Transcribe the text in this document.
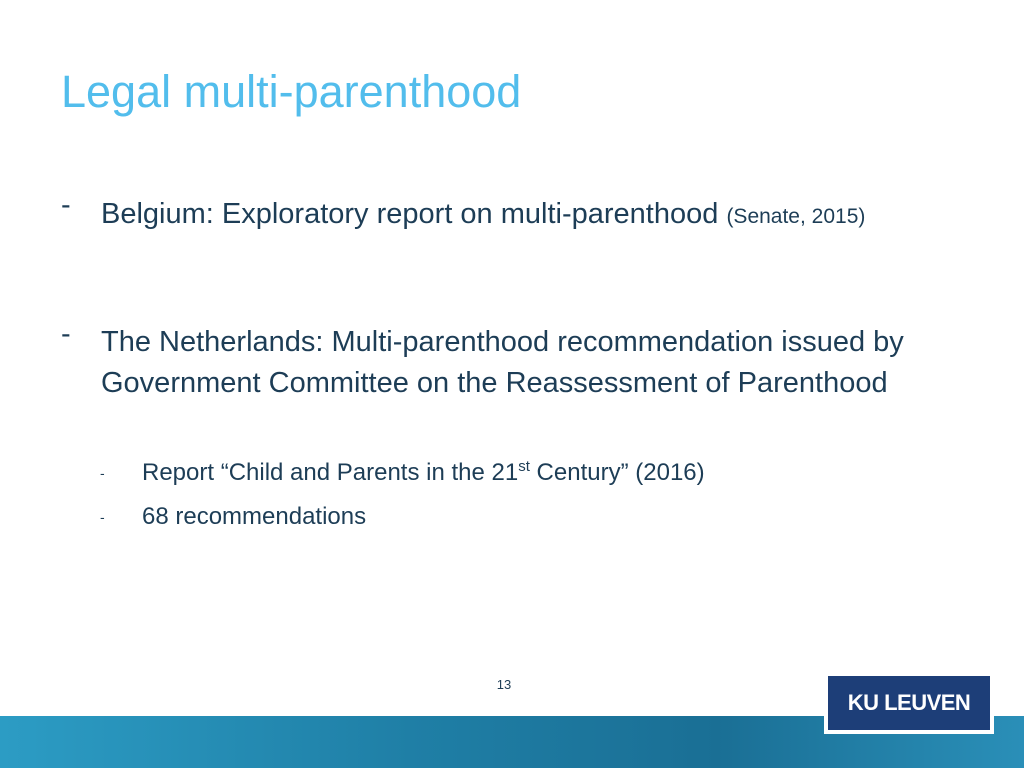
Legal multi-parenthood
- Belgium: Exploratory report on multi-parenthood (Senate, 2015)
- The Netherlands: Multi-parenthood recommendation issued by Government Committee on the Reassessment of Parenthood
- Report “Child and Parents in the 21st Century” (2016)
- 68 recommendations
13
KU LEUVEN
